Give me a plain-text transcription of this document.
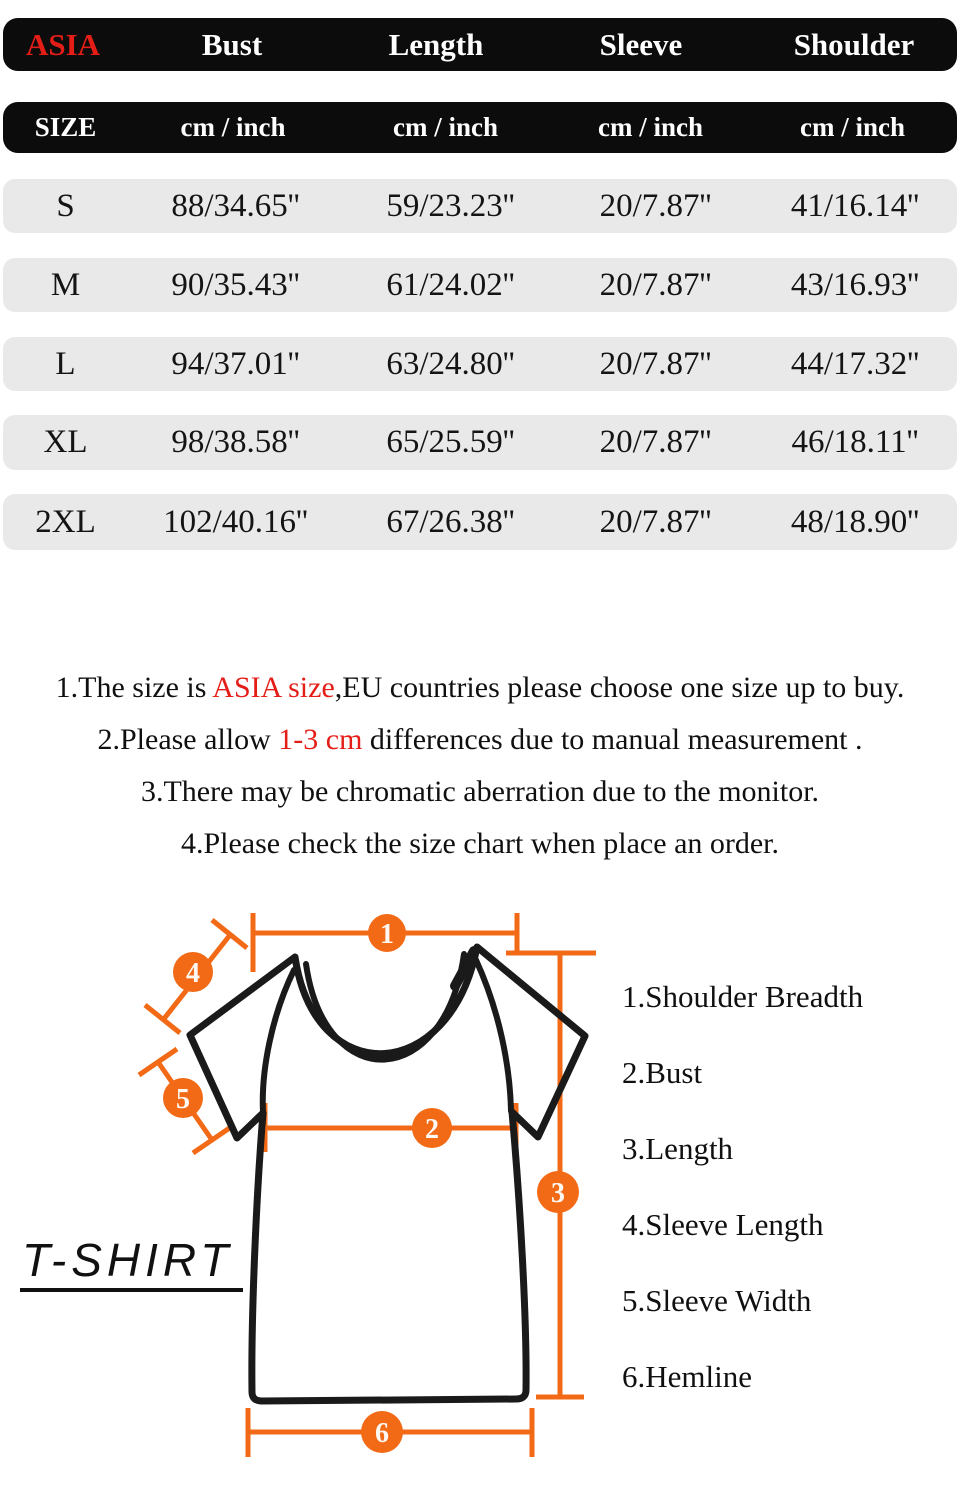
ASIA	Bust	Length	Sleeve	Shoulder
SIZE	cm / inch	cm / inch	cm / inch	cm / inch
S	88/34.65''	59/23.23''	20/7.87''	41/16.14''
M	90/35.43''	61/24.02''	20/7.87''	43/16.93''
L	94/37.01''	63/24.80''	20/7.87''	44/17.32''
XL	98/38.58''	65/25.59''	20/7.87''	46/18.11''
2XL	102/40.16''	67/26.38''	20/7.87''	48/18.90''
1.The size is ASIA size,EU countries please choose one size up to buy.
2.Please allow 1-3 cm differences due to manual measurement .
3.There may be chromatic aberration due to the monitor.
4.Please check the size chart when place an order.
1
2
3
4
5
6
T-SHIRT
1.Shoulder Breadth
2.Bust
3.Length
4.Sleeve Length
5.Sleeve Width
6.Hemline
